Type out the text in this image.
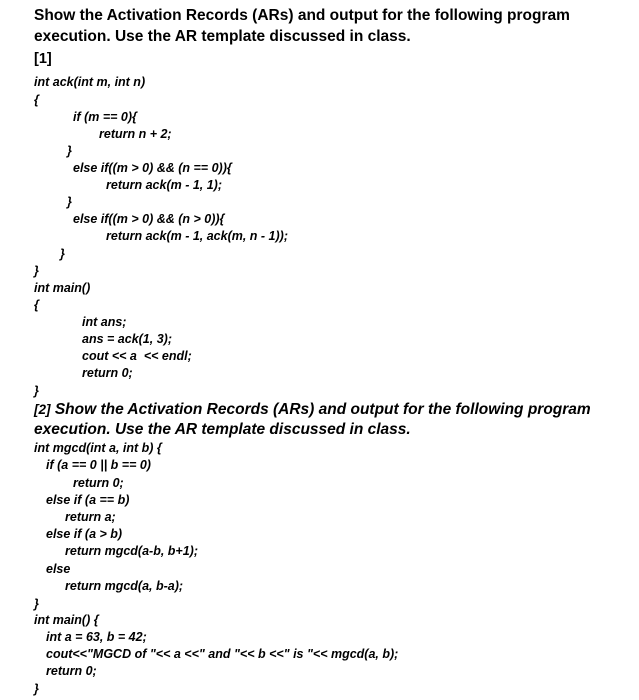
Show the Activation Records (ARs) and output for the following program
execution. Use the AR template discussed in class.
[1]
int ack(int m, int n)
{
if (m == 0){
return n + 2;
}
else if((m > 0) && (n == 0)){
return ack(m - 1, 1);
}
else if((m > 0) && (n > 0)){
return ack(m - 1, ack(m, n - 1));
}
}
int main()
{
int ans;
ans = ack(1, 3);
cout << a  << endl;
return 0;
}
[2] Show the Activation Records (ARs) and output for the following program
execution. Use the AR template discussed in class.
int mgcd(int a, int b) {
if (a == 0 || b == 0)
return 0;
else if (a == b)
return a;
else if (a > b)
return mgcd(a-b, b+1);
else
return mgcd(a, b-a);
}
int main() {
int a = 63, b = 42;
cout<<"MGCD of "<< a <<" and "<< b <<" is "<< mgcd(a, b);
return 0;
}
